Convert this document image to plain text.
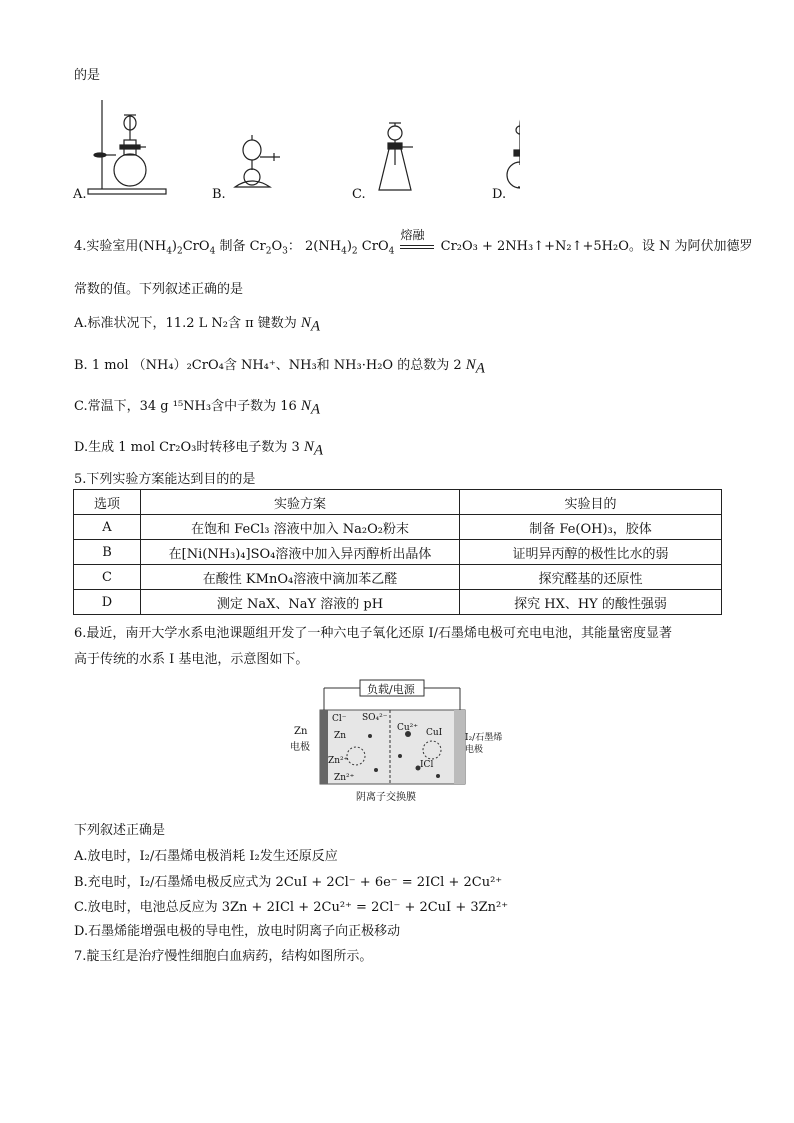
的是
A.	B.	C.	D.
4.实验室用$(NH_4)_2CrO_4$ 制备 $Cr_2O_3$： $2(NH_4)_2$ CrO$_4$
熔融
Cr₂O₃ + 2NH₃↑+N₂↑+5H₂O。设 N 为阿伏加德罗
常数的值。下列叙述正确的是
A.标准状况下，11.2 L N₂含 π 键数为 $N_A$
B. 1 mol （NH₄）₂CrO₄含 NH₄⁺、NH₃和 NH₃·H₂O 的总数为 2 $N_A$
C.常温下，34 g ¹⁵NH₃含中子数为 16 $N_A$
D.生成 1 mol Cr₂O₃时转移电子数为 3 $N_A$
5.下列实验方案能达到目的的是
选项	实验方案	实验目的
A	在饱和 FeCl₃ 溶液中加入 Na₂O₂粉末	制备 Fe(OH)₃，胶体
B	在[Ni(NH₃)₄]SO₄溶液中加入异丙醇析出晶体	证明异丙醇的极性比水的弱
C	在酸性 KMnO₄溶液中滴加苯乙醛	探究醛基的还原性
D	测定 NaX、NaY 溶液的 pH	探究 HX、HY 的酸性强弱
6.最近，南开大学水系电池课题组开发了一种六电子氧化还原 I/石墨烯电极可充电电池，其能量密度显著
高于传统的水系 I 基电池，示意图如下。
负载/电源
Zn
电极
I₂/石墨烯
电极
Cl⁻ SO₄²⁻
Zn
Zn²⁺
Zn²⁺
Cu²⁺ CuI
ICl
阴离子交换膜
下列叙述正确是
A.放电时，I₂/石墨烯电极消耗 I₂发生还原反应
B.充电时，I₂/石墨烯电极反应式为 2CuI + 2Cl⁻ + 6e⁻ = 2ICl + 2Cu²⁺
C.放电时，电池总反应为 3Zn + 2ICl + 2Cu²⁺ = 2Cl⁻ + 2CuI + 3Zn²⁺
D.石墨烯能增强电极的导电性，放电时阴离子向正极移动
7.靛玉红是治疗慢性细胞白血病药，结构如图所示。
